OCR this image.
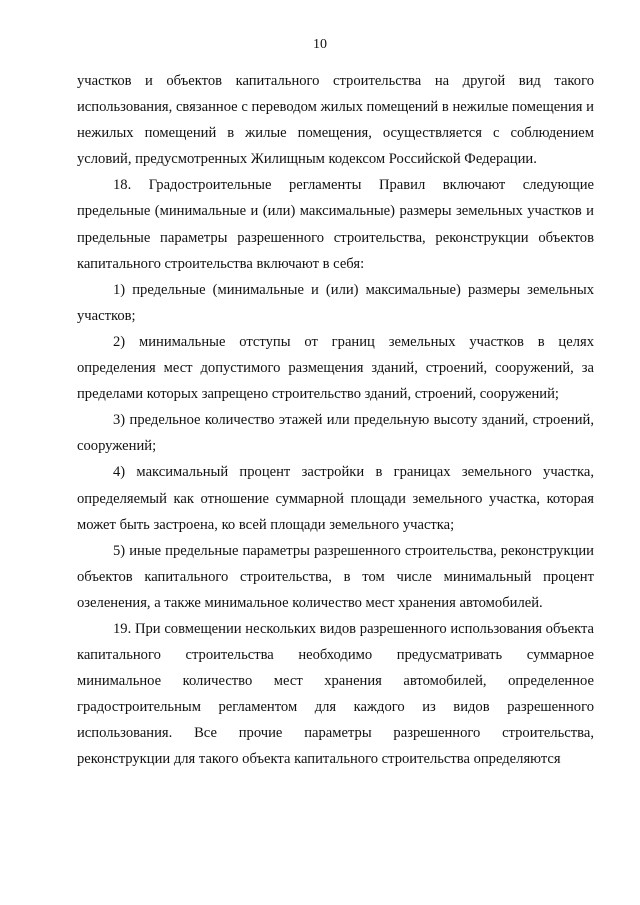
10

участков и объектов капитального строительства на другой вид такого использования, связанное с переводом жилых помещений в нежилые помещения и нежилых помещений в жилые помещения, осуществляется с соблюдением условий, предусмотренных Жилищным кодексом Российской Федерации.

18. Градостроительные регламенты Правил включают следующие предельные (минимальные и (или) максимальные) размеры земельных участков и предельные параметры разрешенного строительства, реконструкции объектов капитального строительства включают в себя:

1) предельные (минимальные и (или) максимальные) размеры земельных участков;

2) минимальные отступы от границ земельных участков в целях определения мест допустимого размещения зданий, строений, сооружений, за пределами которых запрещено строительство зданий, строений, сооружений;

3) предельное количество этажей или предельную высоту зданий, строений, сооружений;

4) максимальный процент застройки в границах земельного участка, определяемый как отношение суммарной площади земельного участка, которая может быть застроена, ко всей площади земельного участка;

5) иные предельные параметры разрешенного строительства, реконструкции объектов капитального строительства, в том числе минимальный процент озеленения, а также минимальное количество мест хранения автомобилей.

19. При совмещении нескольких видов разрешенного использования объекта капитального строительства необходимо предусматривать суммарное минимальное количество мест хранения автомобилей, определенное градостроительным регламентом для каждого из видов разрешенного использования. Все прочие параметры разрешенного строительства, реконструкции для такого объекта капитального строительства определяются
